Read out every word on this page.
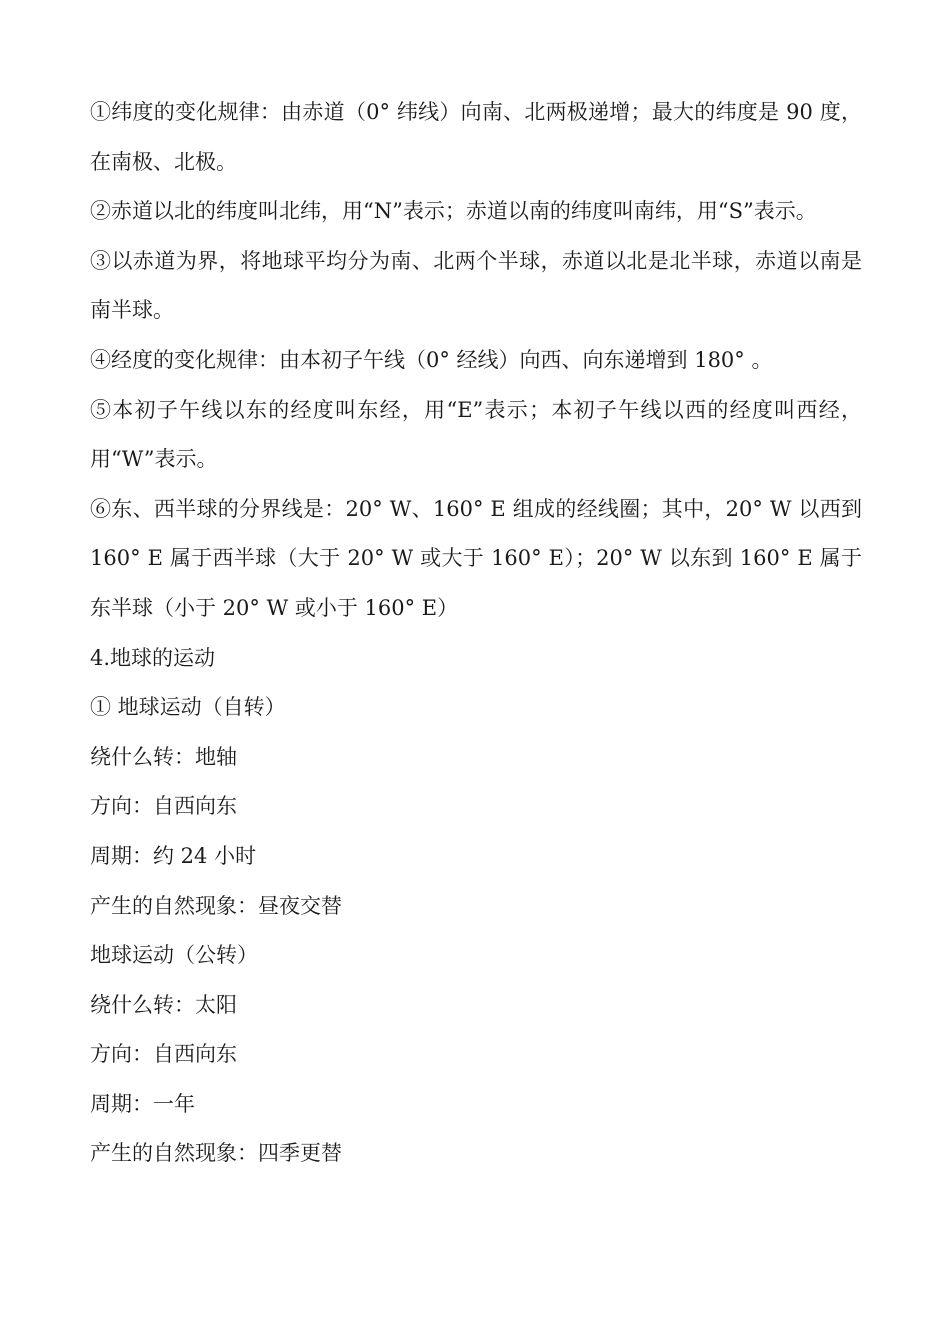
①纬度的变化规律：由赤道（0° 纬线）向南、北两极递增；最大的纬度是 90 度，在南极、北极。

②赤道以北的纬度叫北纬，用“N”表示；赤道以南的纬度叫南纬，用“S”表示。

③以赤道为界，将地球平均分为南、北两个半球，赤道以北是北半球，赤道以南是南半球。

④经度的变化规律：由本初子午线（0° 经线）向西、向东递增到 180° 。

⑤本初子午线以东的经度叫东经，用“E”表示；本初子午线以西的经度叫西经，用“W”表示。

⑥东、西半球的分界线是：20° W、160° E 组成的经线圈；其中，20° W 以西到 160° E 属于西半球（大于 20° W 或大于 160° E）；20° W 以东到 160° E 属于东半球（小于 20° W 或小于 160° E）

4.地球的运动

① 地球运动（自转）

绕什么转：地轴

方向：自西向东

周期：约 24 小时

产生的自然现象：昼夜交替

地球运动（公转）

绕什么转：太阳

方向：自西向东

周期：一年

产生的自然现象：四季更替
